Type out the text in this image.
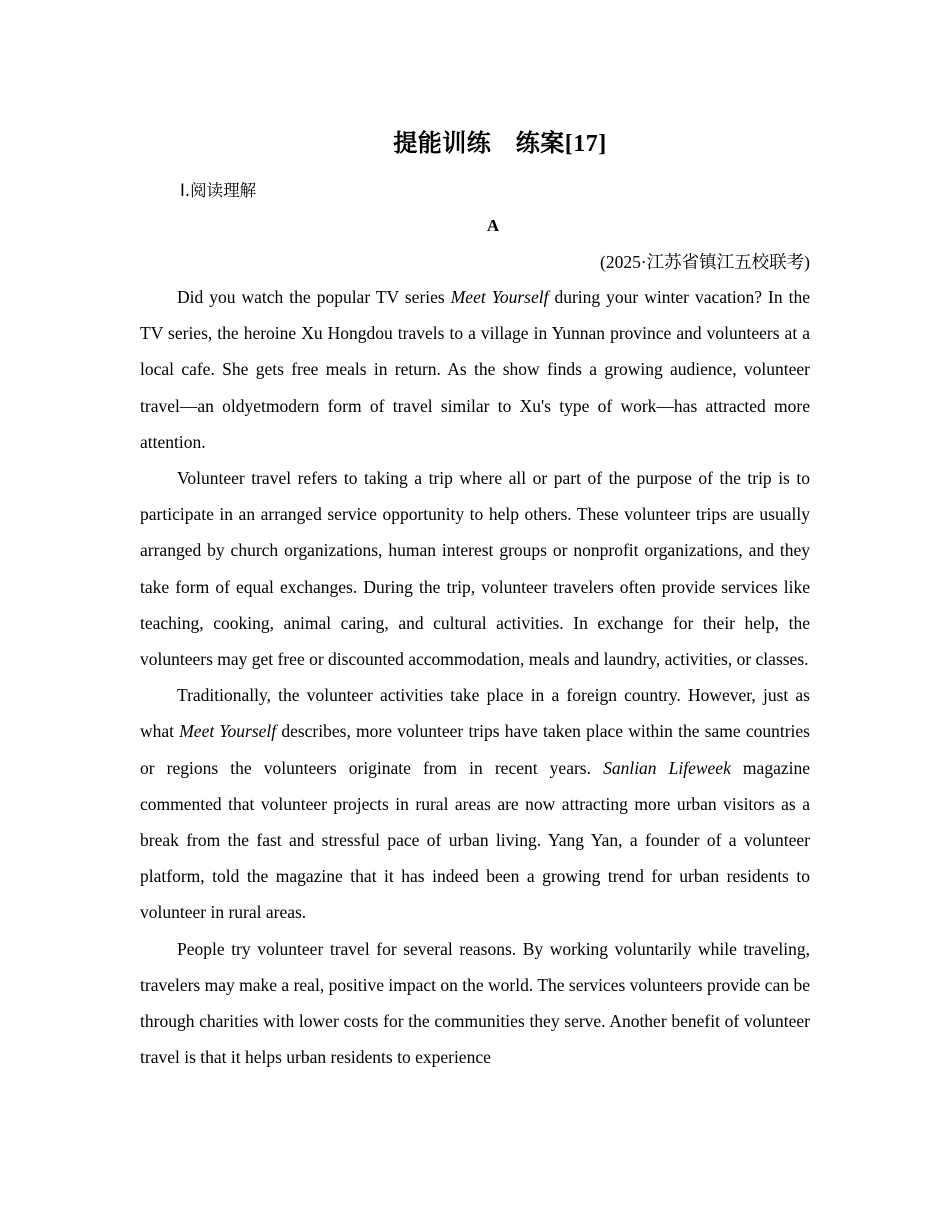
提能训练　练案[17]
Ⅰ.阅读理解
A
(2025·江苏省镇江五校联考)

Did you watch the popular TV series Meet Yourself during your winter vacation? In the TV series, the heroine Xu Hongdou travels to a village in Yunnan province and volunteers at a local cafe. She gets free meals in return. As the show finds a growing audience, volunteer travel—an oldyetmodern form of travel similar to Xu's type of work—has attracted more attention.

Volunteer travel refers to taking a trip where all or part of the purpose of the trip is to participate in an arranged service opportunity to help others. These volunteer trips are usually arranged by church organizations, human interest groups or nonprofit organizations, and they take form of equal exchanges. During the trip, volunteer travelers often provide services like teaching, cooking, animal caring, and cultural activities. In exchange for their help, the volunteers may get free or discounted accommodation, meals and laundry, activities, or classes.

Traditionally, the volunteer activities take place in a foreign country. However, just as what Meet Yourself describes, more volunteer trips have taken place within the same countries or regions the volunteers originate from in recent years. Sanlian Lifeweek magazine commented that volunteer projects in rural areas are now attracting more urban visitors as a break from the fast and stressful pace of urban living. Yang Yan, a founder of a volunteer platform, told the magazine that it has indeed been a growing trend for urban residents to volunteer in rural areas.

People try volunteer travel for several reasons. By working voluntarily while traveling, travelers may make a real, positive impact on the world. The services volunteers provide can be through charities with lower costs for the communities they serve. Another benefit of volunteer travel is that it helps urban residents to experience
